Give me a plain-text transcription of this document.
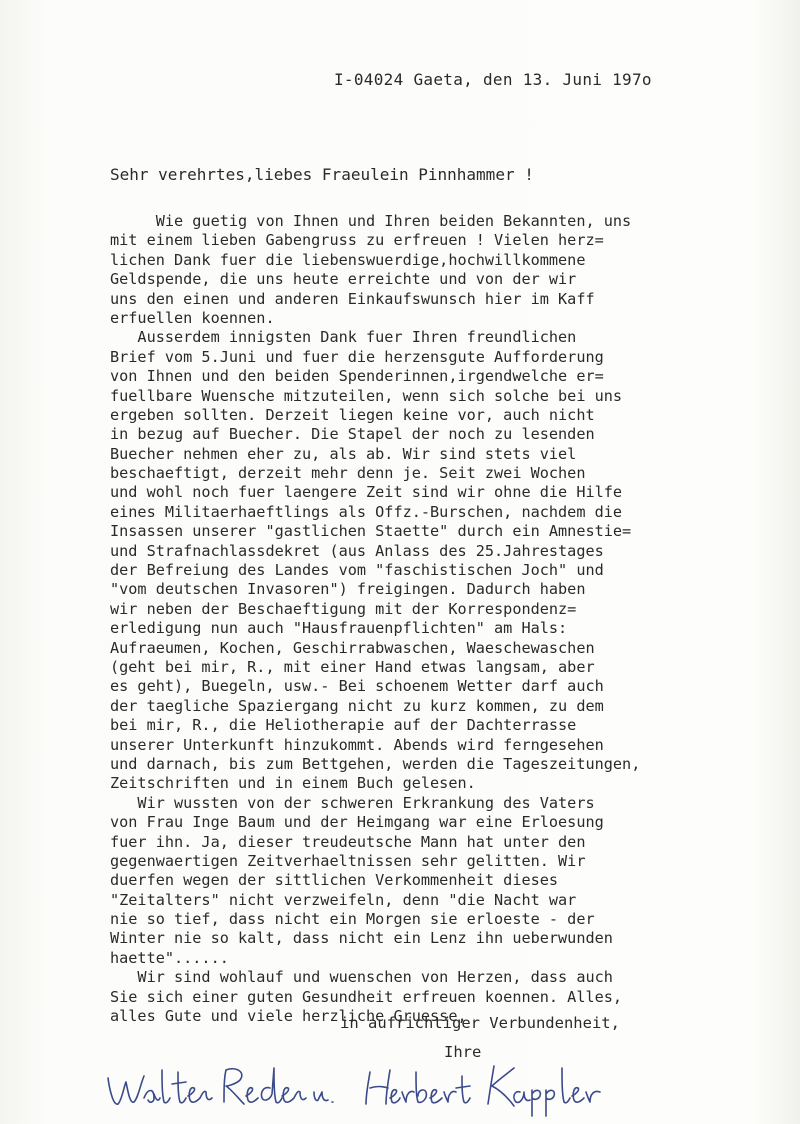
I-04024 Gaeta, den 13. Juni 197o
Sehr verehrtes,liebes Fraeulein Pinnhammer !
Wie guetig von Ihnen und Ihren beiden Bekannten, uns
mit einem lieben Gabengruss zu erfreuen ! Vielen herz=
lichen Dank fuer die liebenswuerdige,hochwillkommene
Geldspende, die uns heute erreichte und von der wir
uns den einen und anderen Einkaufswunsch hier im Kaff
erfuellen koennen.
Ausserdem innigsten Dank fuer Ihren freundlichen
Brief vom 5.Juni und fuer die herzensgute Aufforderung
von Ihnen und den beiden Spenderinnen,irgendwelche er=
fuellbare Wuensche mitzuteilen, wenn sich solche bei uns
ergeben sollten. Derzeit liegen keine vor, auch nicht
in bezug auf Buecher. Die Stapel der noch zu lesenden
Buecher nehmen eher zu, als ab. Wir sind stets viel
beschaeftigt, derzeit mehr denn je. Seit zwei Wochen
und wohl noch fuer laengere Zeit sind wir ohne die Hilfe
eines Militaerhaeftlings als Offz.-Burschen, nachdem die
Insassen unserer "gastlichen Staette" durch ein Amnestie=
und Strafnachlassdekret (aus Anlass des 25.Jahrestages
der Befreiung des Landes vom "faschistischen Joch" und
"vom deutschen Invasoren") freigingen. Dadurch haben
wir neben der Beschaeftigung mit der Korrespondenz=
erledigung nun auch "Hausfrauenpflichten" am Hals:
Aufraeumen, Kochen, Geschirrabwaschen, Waeschewaschen
(geht bei mir, R., mit einer Hand etwas langsam, aber
es geht), Buegeln, usw.- Bei schoenem Wetter darf auch
der taegliche Spaziergang nicht zu kurz kommen, zu dem
bei mir, R., die Heliotherapie auf der Dachterrasse
unserer Unterkunft hinzukommt. Abends wird ferngesehen
und darnach, bis zum Bettgehen, werden die Tageszeitungen,
Zeitschriften und in einem Buch gelesen.
Wir wussten von der schweren Erkrankung des Vaters
von Frau Inge Baum und der Heimgang war eine Erloesung
fuer ihn. Ja, dieser treudeutsche Mann hat unter den
gegenwaertigen Zeitverhaeltnissen sehr gelitten. Wir
duerfen wegen der sittlichen Verkommenheit dieses
"Zeitalters" nicht verzweifeln, denn "die Nacht war
nie so tief, dass nicht ein Morgen sie erloeste - der
Winter nie so kalt, dass nicht ein Lenz ihn ueberwunden
haette"......
Wir sind wohlauf und wuenschen von Herzen, dass auch
Sie sich einer guten Gesundheit erfreuen koennen. Alles,
alles Gute und viele herzliche Gruesse,
in aufrichtiger Verbundenheit,
Ihre
